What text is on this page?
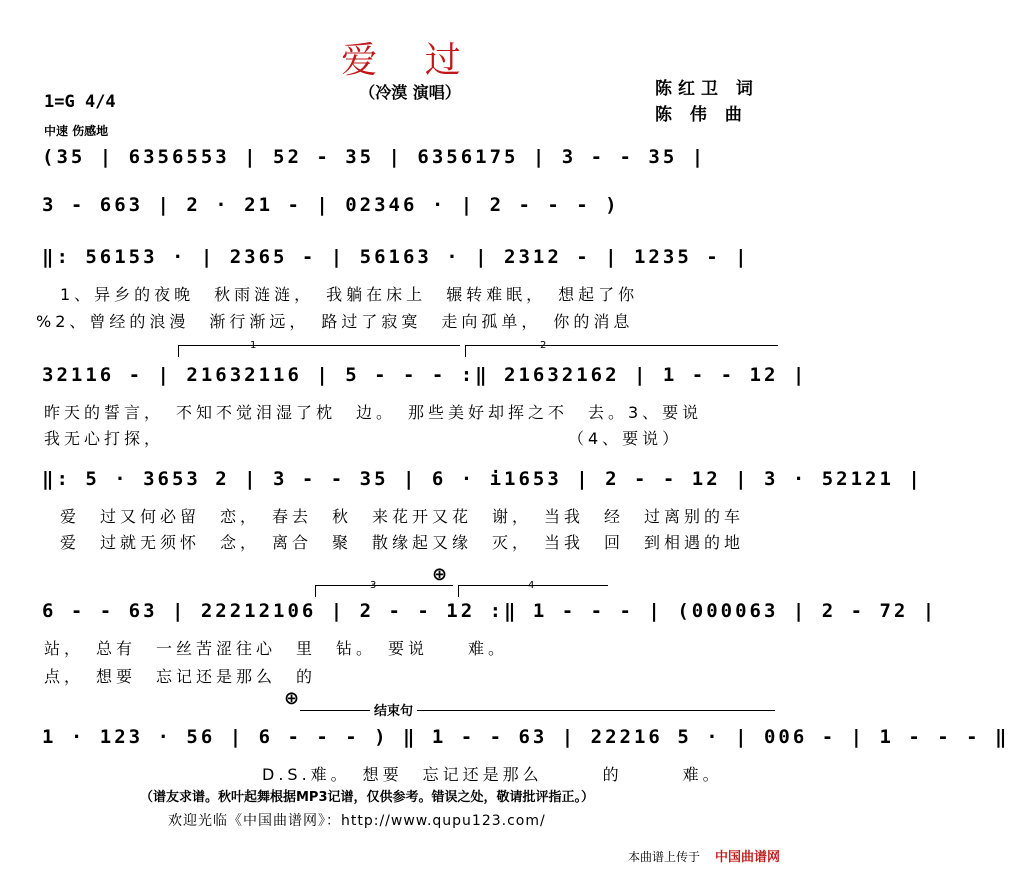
爱 过
（冷漠 演唱）	陈红卫 词
陈 伟 曲
1=G 4/4
中速 伤感地
(35 | 6356553 | 52 - 35 | 6356175 | 3 - - 35 |
3 - 663 | 2 · 21 - | 02346 · | 2 - - - )
‖: 56153 · | 2365 - | 56163 · | 2312 - | 1235 - |
1、异乡的夜晚　秋雨涟涟，　我躺在床上　辗转难眠，　想起了你
%2、曾经的浪漫　渐行渐远，　路过了寂寞　走向孤单，　你的消息
1	2
32116 - | 21632116 | 5 - - - :‖ 21632162 | 1 - - 12 |
昨天的誓言，　不知不觉泪湿了枕　边。　那些美好却挥之不　去。3、要说
我无心打探，　　　　　　　　　　　　　　　　　　　　　（4、要说）
‖: 5 · 3653 2 | 3 - - 35 | 6 · i1653 | 2 - - 12 | 3 · 52121 |
爱　过又何必留　恋，　春去　秋　来花开又花　谢，　当我　经　过离别的车
爱　过就无须怀　念，　离合　聚　散缘起又缘　灭，　当我　回　到相遇的地
⊕
3	4
6 - - 63 | 22212106 | 2 - - 12 :‖ 1 - - - | (000063 | 2 - 72 |
站，　总有　一丝苦涩往心　里　钻。　要说　　难。
点，　想要　忘记还是那么　的
⊕
结束句
1 · 123 · 56 | 6 - - - ) ‖ 1 - - 63 | 22216 5 · | 006 - | 1 - - - ‖
D.S.难。　想要　忘记还是那么　　　的　　　难。
（谱友求谱。秋叶起舞根据MP3记谱，仅供参考。错误之处，敬请批评指正。）
欢迎光临《中国曲谱网》：http://www.qupu123.com/
本曲谱上传于 中国曲谱网
